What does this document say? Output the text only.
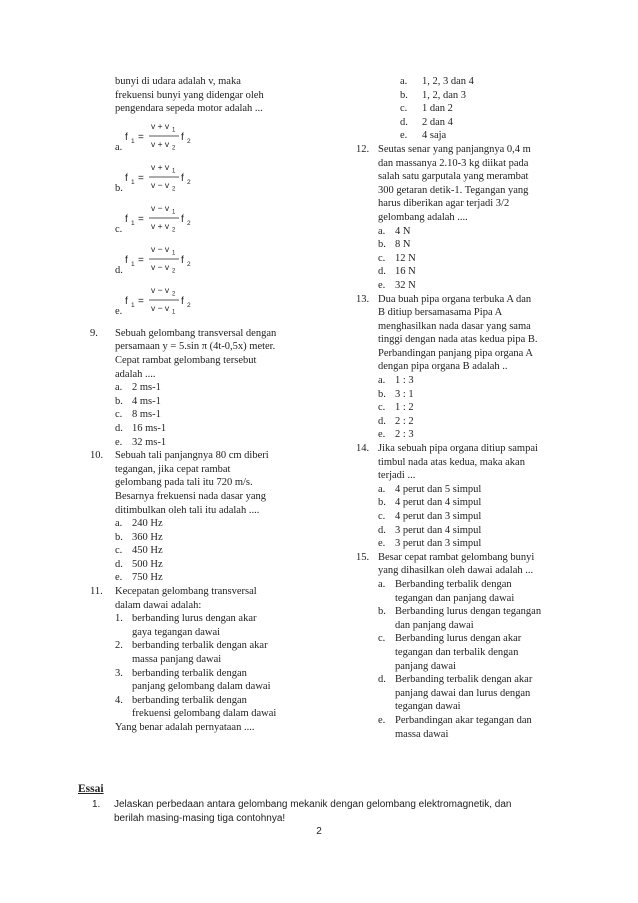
bunyi di udara adalah v, maka
frekuensi bunyi yang didengar oleh
pengendara sepeda motor adalah ...
a.
f 1 =
v + v 1
v + v 2
f 2
b.
f 1 =
v + v 1
v − v 2
f 2
c.
f 1 =
v − v 1
v + v 2
f 2
d.
f 1 =
v − v 1
v − v 2
f 2
e.
f 1 =
v − v 2
v − v 1
f 2
9.	Sebuah gelombang transversal dengan
persamaan y = 5.sin π (4t-0,5x) meter.
Cepat rambat gelombang tersebut
adalah ....
a. 2 ms-1
b. 4 ms-1
c. 8 ms-1
d. 16 ms-1
e. 32 ms-1
10.	Sebuah tali panjangnya 80 cm diberi
tegangan, jika cepat rambat
gelombang pada tali itu 720 m/s.
Besarnya frekuensi nada dasar yang
ditimbulkan oleh tali itu adalah ....
a. 240 Hz
b. 360 Hz
c. 450 Hz
d. 500 Hz
e. 750 Hz
11.	Kecepatan gelombang transversal
dalam dawai adalah:
1. berbanding lurus dengan akar
gaya tegangan dawai
2. berbanding terbalik dengan akar
massa panjang dawai
3. berbanding terbalik dengan
panjang gelombang dalam dawai
4. berbanding terbalik dengan
frekuensi gelombang dalam dawai
Yang benar adalah pernyataan ....
a.	1, 2, 3 dan 4
b.	1, 2, dan 3
c.	1 dan 2
d.	2 dan 4
e.	4 saja
12. Seutas senar yang panjangnya 0,4 m
dan massanya 2.10-3 kg diikat pada
salah satu garputala yang merambat
300 getaran detik-1. Tegangan yang
harus diberikan agar terjadi 3/2
gelombang adalah ....
a. 4 N
b. 8 N
c. 12 N
d. 16 N
e. 32 N
13. Dua buah pipa organa terbuka A dan
B ditiup bersamasama Pipa A
menghasilkan nada dasar yang sama
tinggi dengan nada atas kedua pipa B.
Perbandingan panjang pipa organa A
dengan pipa organa B adalah ..
a. 1 : 3
b. 3 : 1
c. 1 : 2
d. 2 : 2
e. 2 : 3
14. Jika sebuah pipa organa ditiup sampai
timbul nada atas kedua, maka akan
terjadi ...
a. 4 perut dan 5 simpul
b. 4 perut dan 4 simpul
c. 4 perut dan 3 simpul
d. 3 perut dan 4 simpul
e. 3 perut dan 3 simpul
15. Besar cepat rambat gelombang bunyi
yang dihasilkan oleh dawai adalah ...
a. Berbanding terbalik dengan
tegangan dan panjang dawai
b. Berbanding lurus dengan tegangan
dan panjang dawai
c. Berbanding lurus dengan akar
tegangan dan terbalik dengan
panjang dawai
d. Berbanding terbalik dengan akar
panjang dawai dan lurus dengan
tegangan dawai
e. Perbandingan akar tegangan dan
massa dawai
Essai
1.	Jelaskan perbedaan antara gelombang mekanik dengan gelombang elektromagnetik, dan
berilah masing-masing tiga contohnya!
2
